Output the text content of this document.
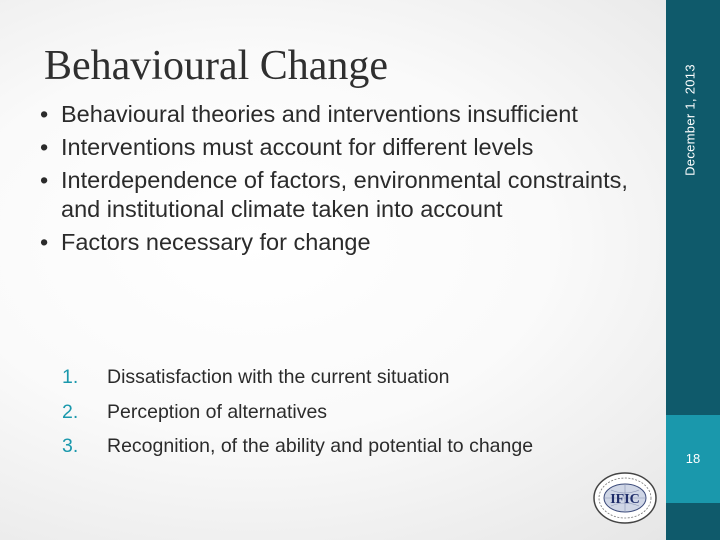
Behavioural Change
• Behavioural theories and interventions insufficient
• Interventions must account for different levels
• Interdependence of factors, environmental constraints, and institutional climate taken into account
• Factors necessary for change
1. Dissatisfaction with the current situation
2. Perception of alternatives
3. Recognition, of the ability and potential to change
IFIC
December 1, 2013
18
